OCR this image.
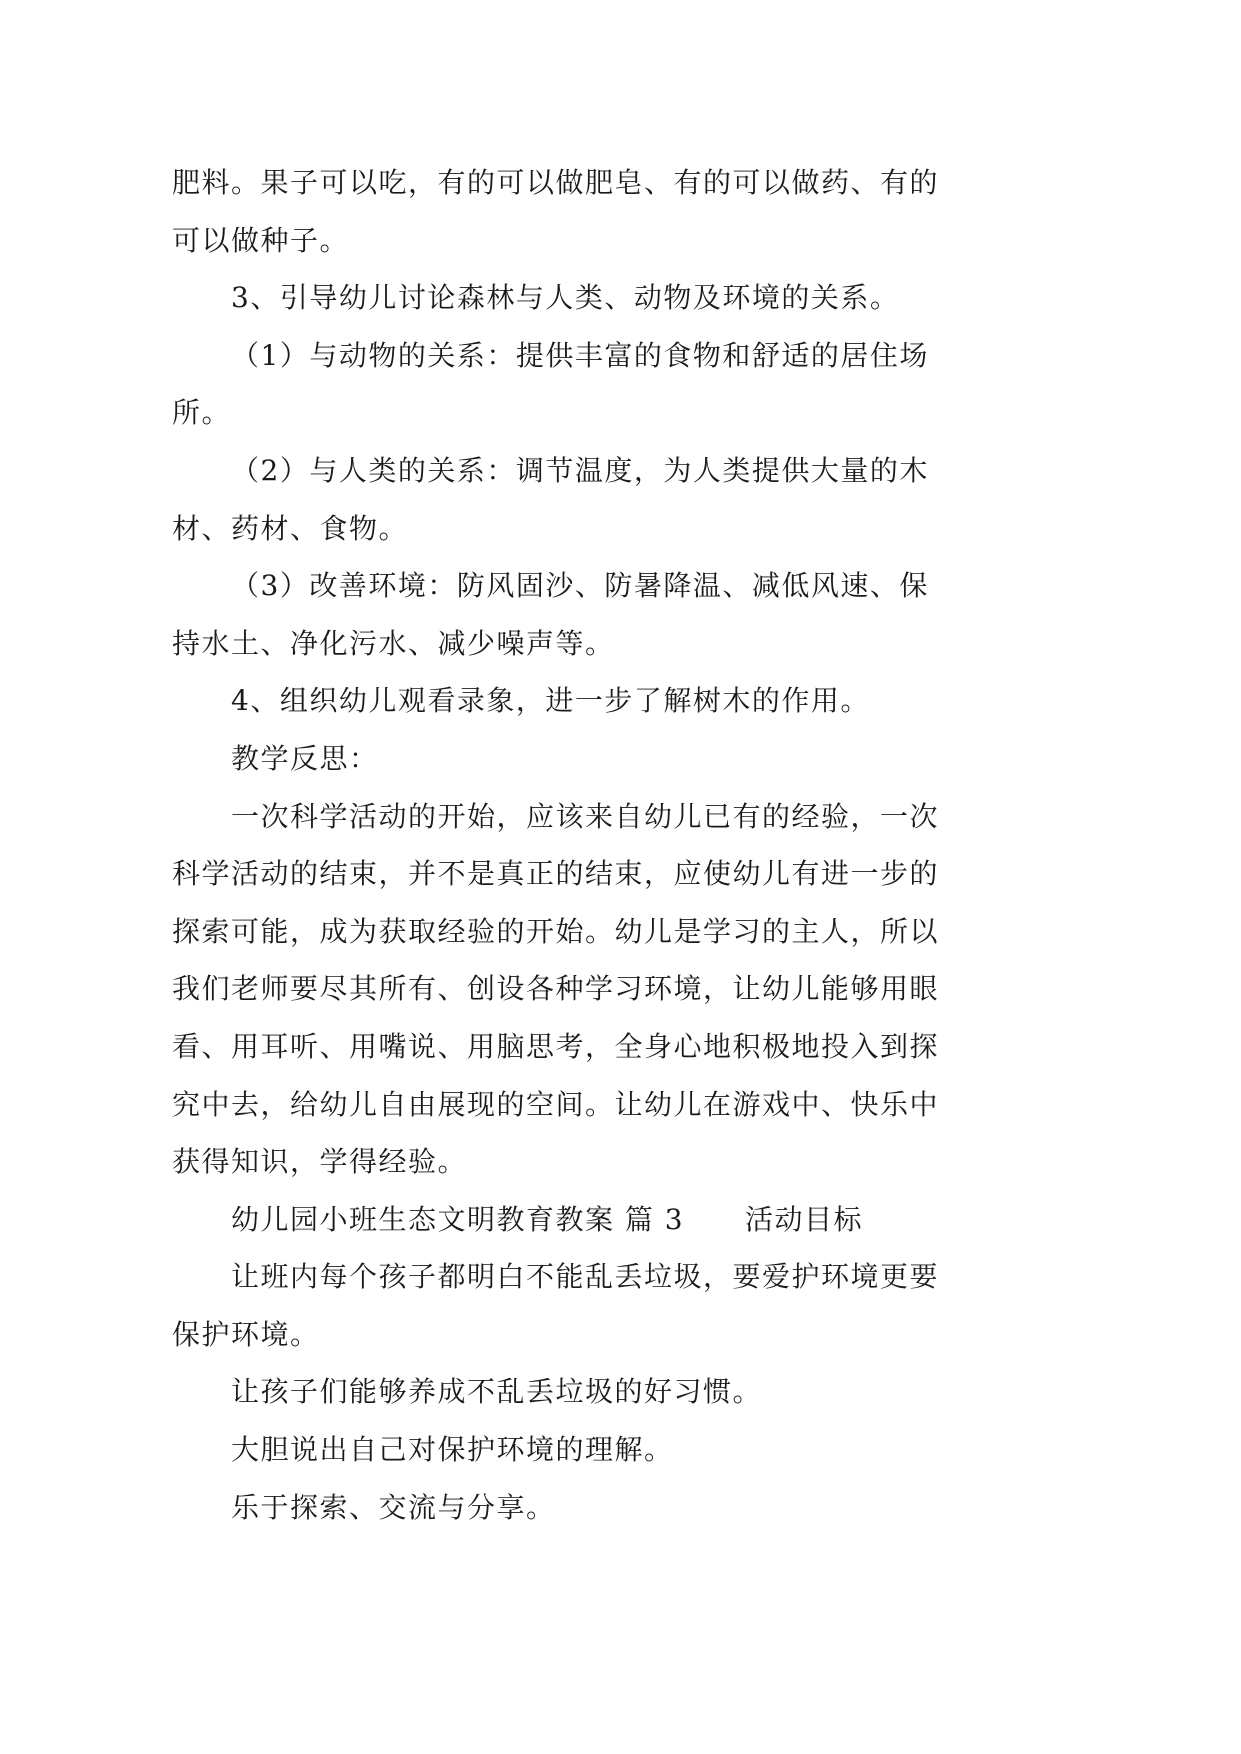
肥料。果子可以吃，有的可以做肥皂、有的可以做药、有的
可以做种子。
3、引导幼儿讨论森林与人类、动物及环境的关系。
（1）与动物的关系：提供丰富的食物和舒适的居住场
所。
（2）与人类的关系：调节温度，为人类提供大量的木
材、药材、食物。
（3）改善环境：防风固沙、防暑降温、减低风速、保
持水土、净化污水、减少噪声等。
4、组织幼儿观看录象，进一步了解树木的作用。
教学反思：
一次科学活动的开始，应该来自幼儿已有的经验，一次
科学活动的结束，并不是真正的结束，应使幼儿有进一步的
探索可能，成为获取经验的开始。幼儿是学习的主人，所以
我们老师要尽其所有、创设各种学习环境，让幼儿能够用眼
看、用耳听、用嘴说、用脑思考，全身心地积极地投入到探
究中去，给幼儿自由展现的空间。让幼儿在游戏中、快乐中
获得知识，学得经验。
幼儿园小班生态文明教育教案 篇 3 活动目标
让班内每个孩子都明白不能乱丢垃圾，要爱护环境更要
保护环境。
让孩子们能够养成不乱丢垃圾的好习惯。
大胆说出自己对保护环境的理解。
乐于探索、交流与分享。
